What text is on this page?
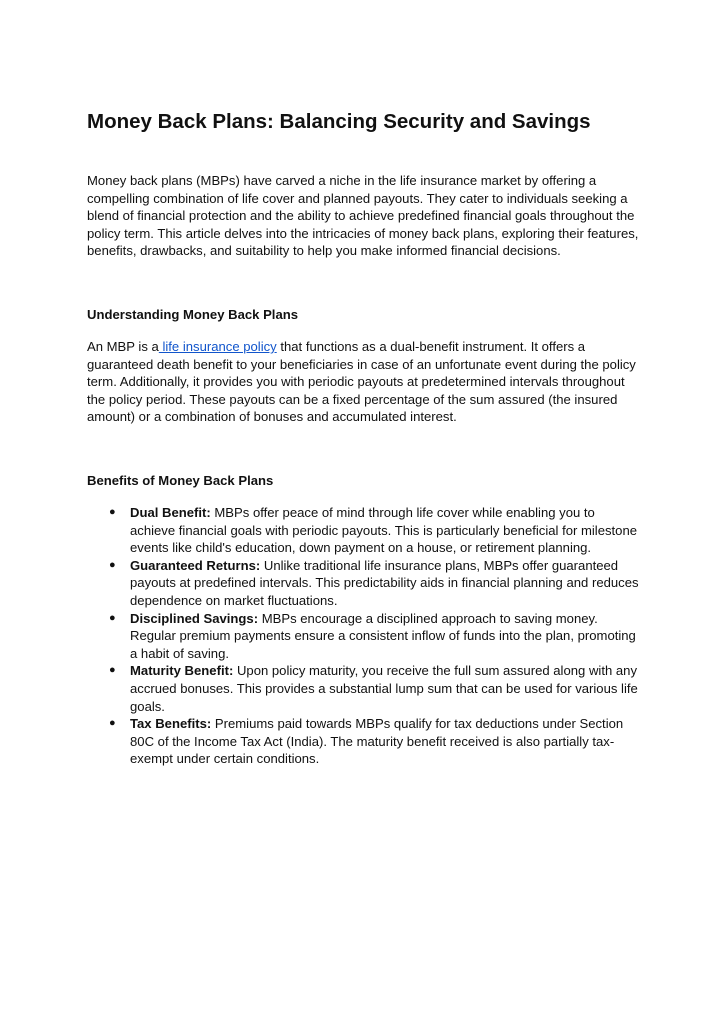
Money Back Plans: Balancing Security and Savings

Money back plans (MBPs) have carved a niche in the life insurance market by offering a compelling combination of life cover and planned payouts. They cater to individuals seeking a blend of financial protection and the ability to achieve predefined financial goals throughout the policy term. This article delves into the intricacies of money back plans, exploring their features, benefits, drawbacks, and suitability to help you make informed financial decisions.

Understanding Money Back Plans

An MBP is a life insurance policy that functions as a dual-benefit instrument. It offers a guaranteed death benefit to your beneficiaries in case of an unfortunate event during the policy term. Additionally, it provides you with periodic payouts at predetermined intervals throughout the policy period. These payouts can be a fixed percentage of the sum assured (the insured amount) or a combination of bonuses and accumulated interest.

Benefits of Money Back Plans
● Dual Benefit: MBPs offer peace of mind through life cover while enabling you to achieve financial goals with periodic payouts. This is particularly beneficial for milestone events like child's education, down payment on a house, or retirement planning.
● Guaranteed Returns: Unlike traditional life insurance plans, MBPs offer guaranteed payouts at predefined intervals. This predictability aids in financial planning and reduces dependence on market fluctuations.
● Disciplined Savings: MBPs encourage a disciplined approach to saving money. Regular premium payments ensure a consistent inflow of funds into the plan, promoting a habit of saving.
● Maturity Benefit: Upon policy maturity, you receive the full sum assured along with any accrued bonuses. This provides a substantial lump sum that can be used for various life goals.
● Tax Benefits: Premiums paid towards MBPs qualify for tax deductions under Section 80C of the Income Tax Act (India). The maturity benefit received is also partially tax-exempt under certain conditions.
